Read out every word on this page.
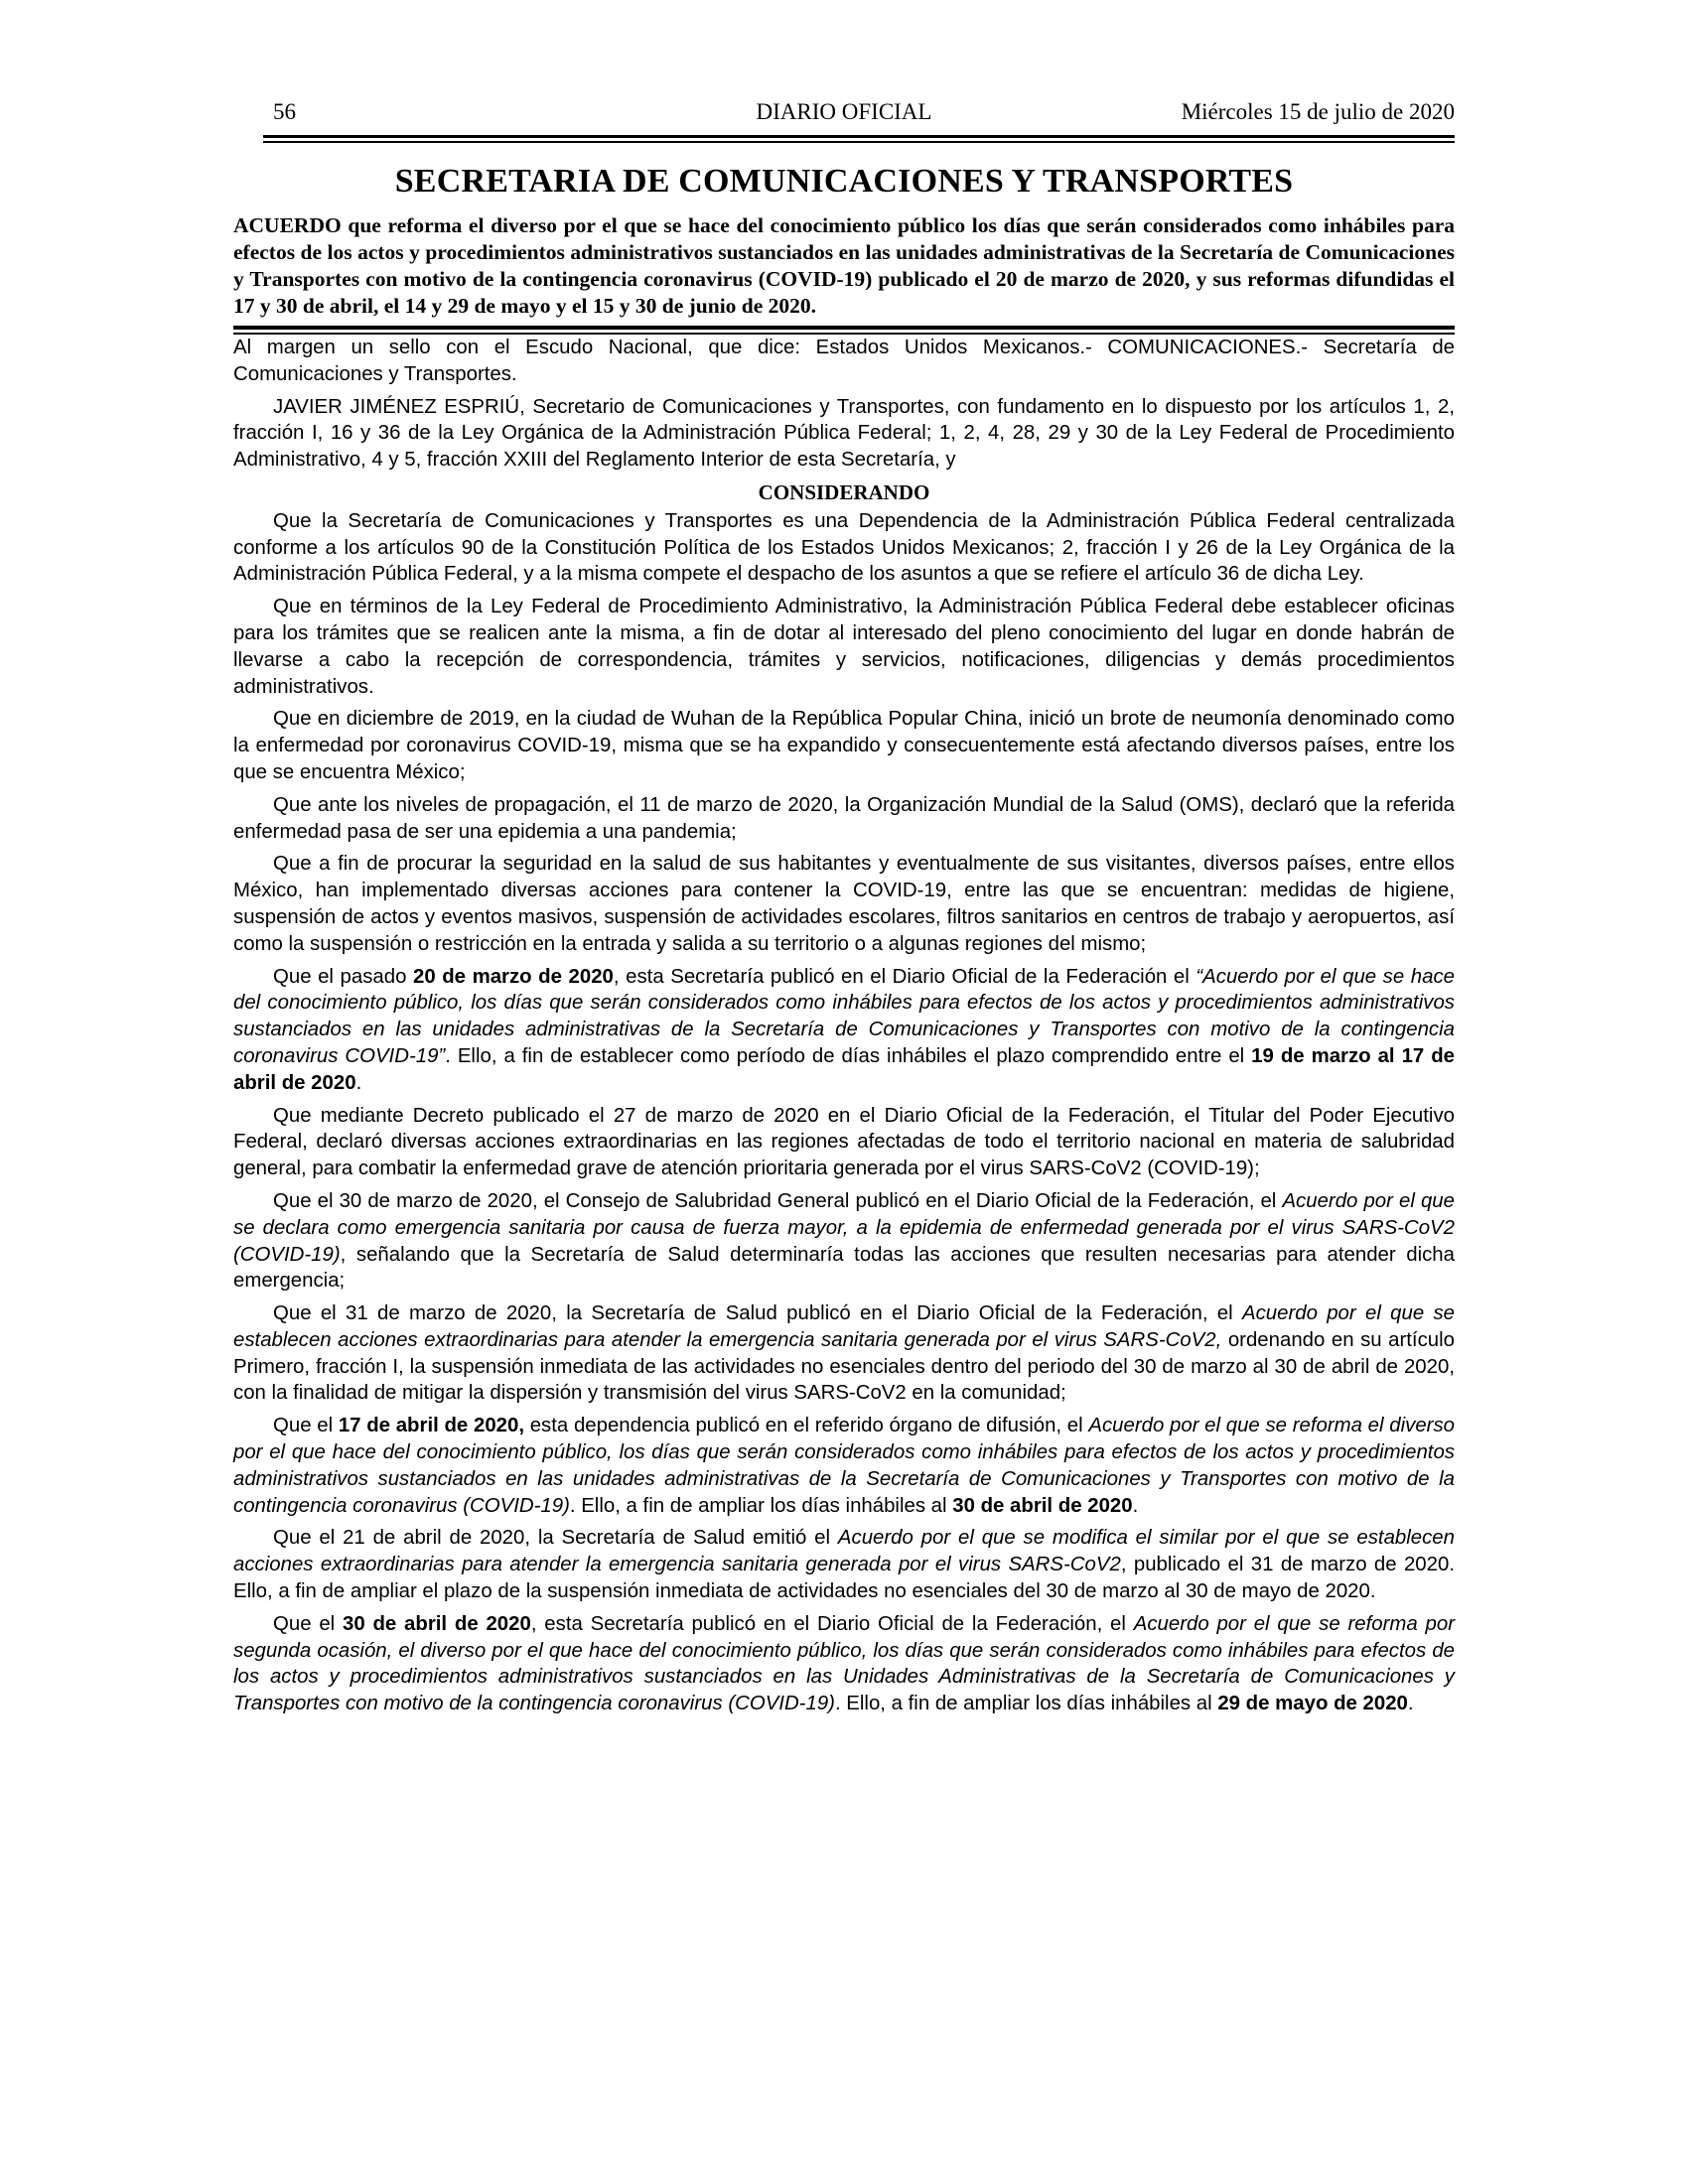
56	DIARIO OFICIAL	Miércoles 15 de julio de 2020
SECRETARIA DE COMUNICACIONES Y TRANSPORTES
ACUERDO que reforma el diverso por el que se hace del conocimiento público los días que serán considerados como inhábiles para efectos de los actos y procedimientos administrativos sustanciados en las unidades administrativas de la Secretaría de Comunicaciones y Transportes con motivo de la contingencia coronavirus (COVID-19) publicado el 20 de marzo de 2020, y sus reformas difundidas el 17 y 30 de abril, el 14 y 29 de mayo y el 15 y 30 de junio de 2020.

Al margen un sello con el Escudo Nacional, que dice: Estados Unidos Mexicanos.- COMUNICACIONES.- Secretaría de Comunicaciones y Transportes.

JAVIER JIMÉNEZ ESPRIÚ, Secretario de Comunicaciones y Transportes, con fundamento en lo dispuesto por los artículos 1, 2, fracción I, 16 y 36 de la Ley Orgánica de la Administración Pública Federal; 1, 2, 4, 28, 29 y 30 de la Ley Federal de Procedimiento Administrativo, 4 y 5, fracción XXIII del Reglamento Interior de esta Secretaría, y

CONSIDERANDO

Que la Secretaría de Comunicaciones y Transportes es una Dependencia de la Administración Pública Federal centralizada conforme a los artículos 90 de la Constitución Política de los Estados Unidos Mexicanos; 2, fracción I y 26 de la Ley Orgánica de la Administración Pública Federal, y a la misma compete el despacho de los asuntos a que se refiere el artículo 36 de dicha Ley.

Que en términos de la Ley Federal de Procedimiento Administrativo, la Administración Pública Federal debe establecer oficinas para los trámites que se realicen ante la misma, a fin de dotar al interesado del pleno conocimiento del lugar en donde habrán de llevarse a cabo la recepción de correspondencia, trámites y servicios, notificaciones, diligencias y demás procedimientos administrativos.

Que en diciembre de 2019, en la ciudad de Wuhan de la República Popular China, inició un brote de neumonía denominado como la enfermedad por coronavirus COVID-19, misma que se ha expandido y consecuentemente está afectando diversos países, entre los que se encuentra México;

Que ante los niveles de propagación, el 11 de marzo de 2020, la Organización Mundial de la Salud (OMS), declaró que la referida enfermedad pasa de ser una epidemia a una pandemia;

Que a fin de procurar la seguridad en la salud de sus habitantes y eventualmente de sus visitantes, diversos países, entre ellos México, han implementado diversas acciones para contener la COVID-19, entre las que se encuentran: medidas de higiene, suspensión de actos y eventos masivos, suspensión de actividades escolares, filtros sanitarios en centros de trabajo y aeropuertos, así como la suspensión o restricción en la entrada y salida a su territorio o a algunas regiones del mismo;

Que el pasado 20 de marzo de 2020, esta Secretaría publicó en el Diario Oficial de la Federación el “Acuerdo por el que se hace del conocimiento público, los días que serán considerados como inhábiles para efectos de los actos y procedimientos administrativos sustanciados en las unidades administrativas de la Secretaría de Comunicaciones y Transportes con motivo de la contingencia coronavirus COVID-19”. Ello, a fin de establecer como período de días inhábiles el plazo comprendido entre el 19 de marzo al 17 de abril de 2020.

Que mediante Decreto publicado el 27 de marzo de 2020 en el Diario Oficial de la Federación, el Titular del Poder Ejecutivo Federal, declaró diversas acciones extraordinarias en las regiones afectadas de todo el territorio nacional en materia de salubridad general, para combatir la enfermedad grave de atención prioritaria generada por el virus SARS-CoV2 (COVID-19);

Que el 30 de marzo de 2020, el Consejo de Salubridad General publicó en el Diario Oficial de la Federación, el Acuerdo por el que se declara como emergencia sanitaria por causa de fuerza mayor, a la epidemia de enfermedad generada por el virus SARS-CoV2 (COVID-19), señalando que la Secretaría de Salud determinaría todas las acciones que resulten necesarias para atender dicha emergencia;

Que el 31 de marzo de 2020, la Secretaría de Salud publicó en el Diario Oficial de la Federación, el Acuerdo por el que se establecen acciones extraordinarias para atender la emergencia sanitaria generada por el virus SARS-CoV2, ordenando en su artículo Primero, fracción I, la suspensión inmediata de las actividades no esenciales dentro del periodo del 30 de marzo al 30 de abril de 2020, con la finalidad de mitigar la dispersión y transmisión del virus SARS-CoV2 en la comunidad;

Que el 17 de abril de 2020, esta dependencia publicó en el referido órgano de difusión, el Acuerdo por el que se reforma el diverso por el que hace del conocimiento público, los días que serán considerados como inhábiles para efectos de los actos y procedimientos administrativos sustanciados en las unidades administrativas de la Secretaría de Comunicaciones y Transportes con motivo de la contingencia coronavirus (COVID-19). Ello, a fin de ampliar los días inhábiles al 30 de abril de 2020.

Que el 21 de abril de 2020, la Secretaría de Salud emitió el Acuerdo por el que se modifica el similar por el que se establecen acciones extraordinarias para atender la emergencia sanitaria generada por el virus SARS-CoV2, publicado el 31 de marzo de 2020. Ello, a fin de ampliar el plazo de la suspensión inmediata de actividades no esenciales del 30 de marzo al 30 de mayo de 2020.

Que el 30 de abril de 2020, esta Secretaría publicó en el Diario Oficial de la Federación, el Acuerdo por el que se reforma por segunda ocasión, el diverso por el que hace del conocimiento público, los días que serán considerados como inhábiles para efectos de los actos y procedimientos administrativos sustanciados en las Unidades Administrativas de la Secretaría de Comunicaciones y Transportes con motivo de la contingencia coronavirus (COVID-19). Ello, a fin de ampliar los días inhábiles al 29 de mayo de 2020.
